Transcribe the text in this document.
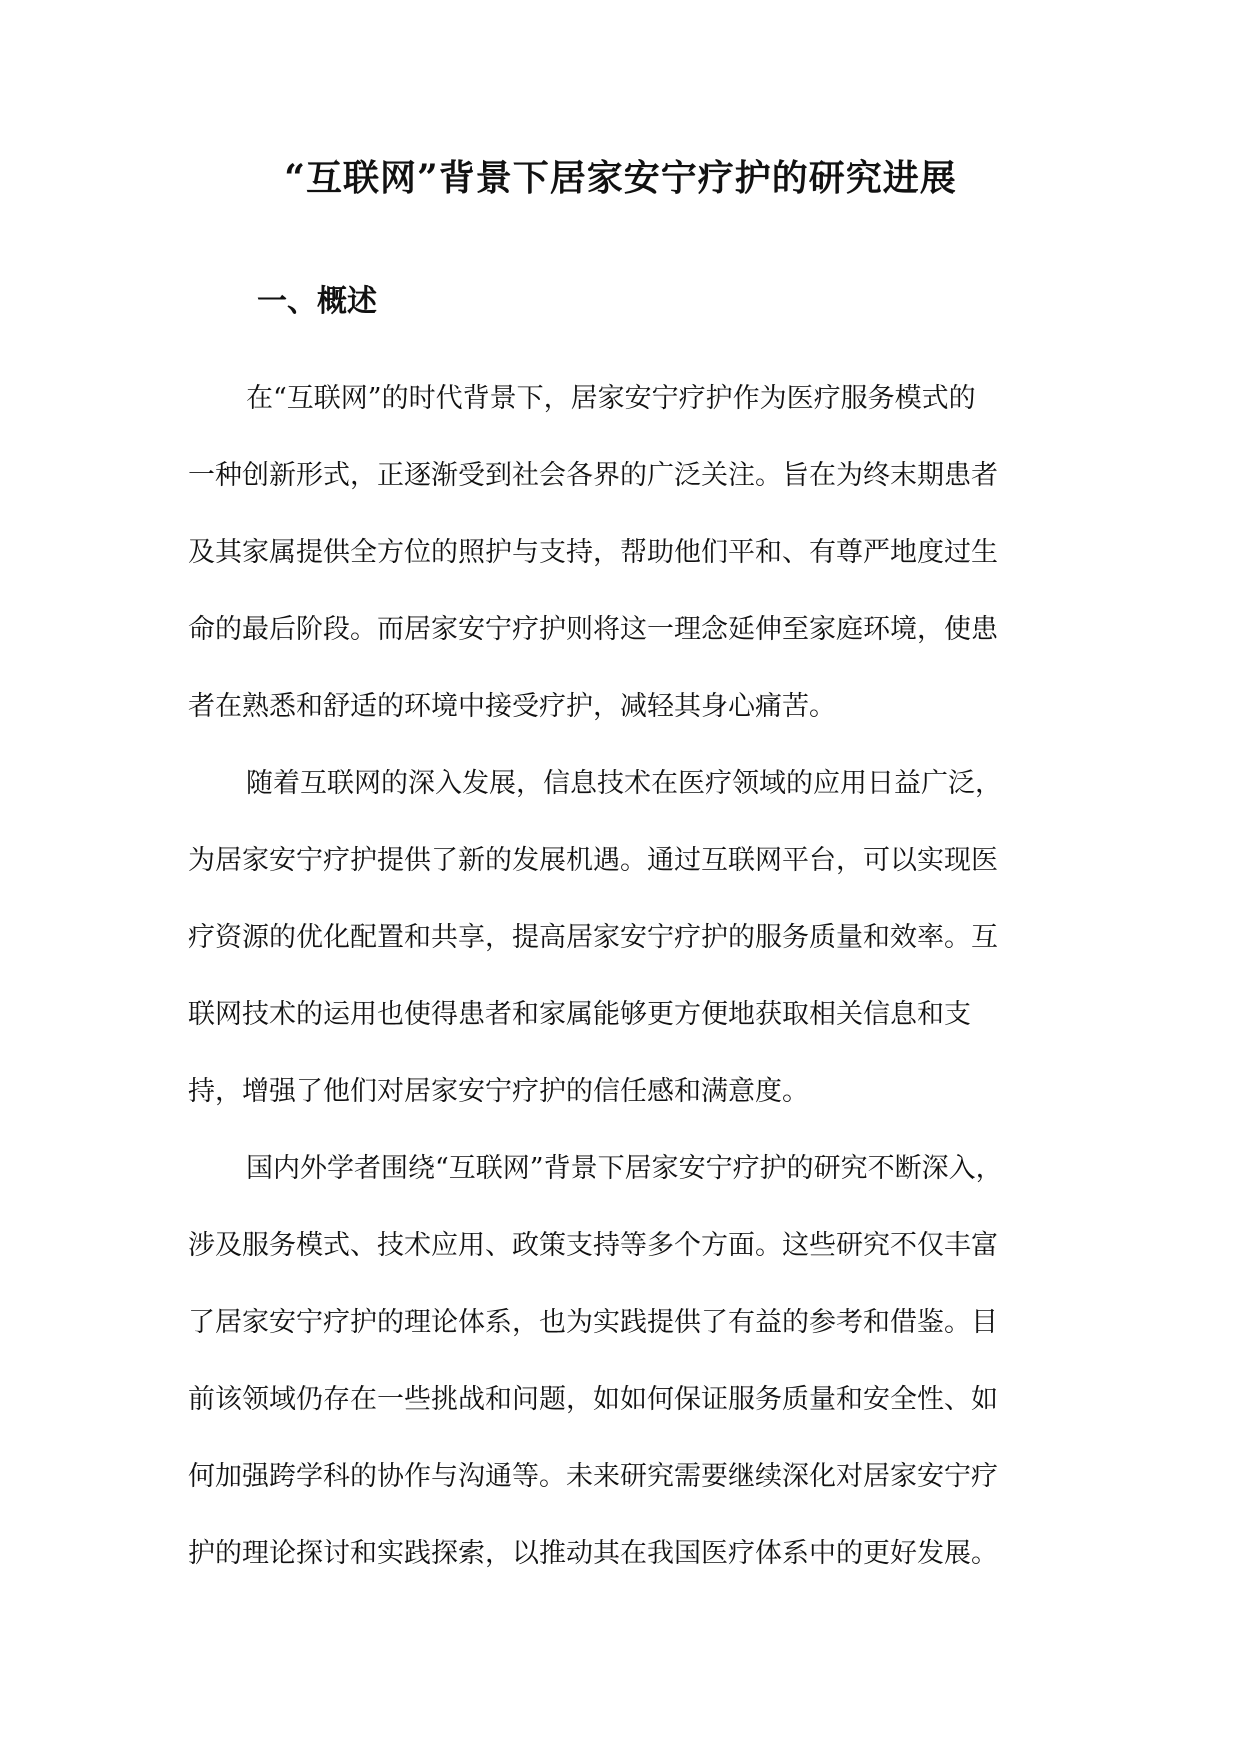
“互联网”背景下居家安宁疗护的研究进展
一、概述

在“互联网”的时代背景下，居家安宁疗护作为医疗服务模式的
一种创新形式，正逐渐受到社会各界的广泛关注。旨在为终末期患者
及其家属提供全方位的照护与支持，帮助他们平和、有尊严地度过生
命的最后阶段。而居家安宁疗护则将这一理念延伸至家庭环境，使患
者在熟悉和舒适的环境中接受疗护，减轻其身心痛苦。

随着互联网的深入发展，信息技术在医疗领域的应用日益广泛，
为居家安宁疗护提供了新的发展机遇。通过互联网平台，可以实现医
疗资源的优化配置和共享，提高居家安宁疗护的服务质量和效率。互
联网技术的运用也使得患者和家属能够更方便地获取相关信息和支
持，增强了他们对居家安宁疗护的信任感和满意度。

国内外学者围绕“互联网”背景下居家安宁疗护的研究不断深入，
涉及服务模式、技术应用、政策支持等多个方面。这些研究不仅丰富
了居家安宁疗护的理论体系，也为实践提供了有益的参考和借鉴。目
前该领域仍存在一些挑战和问题，如如何保证服务质量和安全性、如
何加强跨学科的协作与沟通等。未来研究需要继续深化对居家安宁疗
护的理论探讨和实践探索，以推动其在我国医疗体系中的更好发展。
